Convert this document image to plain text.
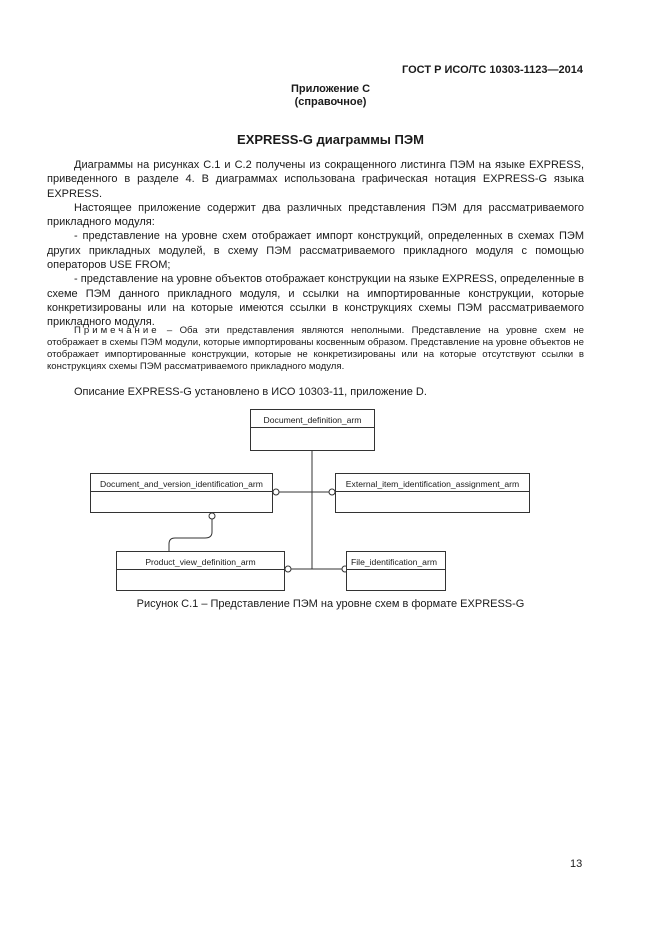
ГОСТ Р ИСО/ТС 10303-1123—2014
Приложение С
(справочное)
EXPRESS-G диаграммы ПЭМ

Диаграммы на рисунках С.1 и С.2 получены из сокращенного листинга ПЭМ на языке EXPRESS, приведенного в разделе 4. В диаграммах использована графическая нотация EXPRESS-G языка EXPRESS.

Настоящее приложение содержит два различных представления ПЭМ для рассматриваемого прикладного модуля:

- представление на уровне схем отображает импорт конструкций, определенных в схемах ПЭМ других прикладных модулей, в схему ПЭМ рассматриваемого прикладного модуля с помощью операторов USE FROM;

- представление на уровне объектов отображает конструкции на языке EXPRESS, определенные в схеме ПЭМ данного прикладного модуля, и ссылки на импортированные конструкции, которые конкретизированы или на которые имеются ссылки в конструкциях схемы ПЭМ рассматриваемого прикладного модуля.

Примечание – Оба эти представления являются неполными. Представление на уровне схем не отображает в схемы ПЭМ модули, которые импортированы косвенным образом. Представление на уровне объектов не отображает импортированные конструкции, которые не конкретизированы или на которые отсутствуют ссылки в конструкциях схемы ПЭМ рассматриваемого прикладного модуля.
Описание EXPRESS-G установлено в ИСО 10303-11, приложение D.
Document_definition_arm
Document_and_version_identification_arm	External_item_identification_assignment_arm
Product_view_definition_arm	File_identification_arm
Рисунок С.1 – Представление ПЭМ на уровне схем в формате EXPRESS-G
13
